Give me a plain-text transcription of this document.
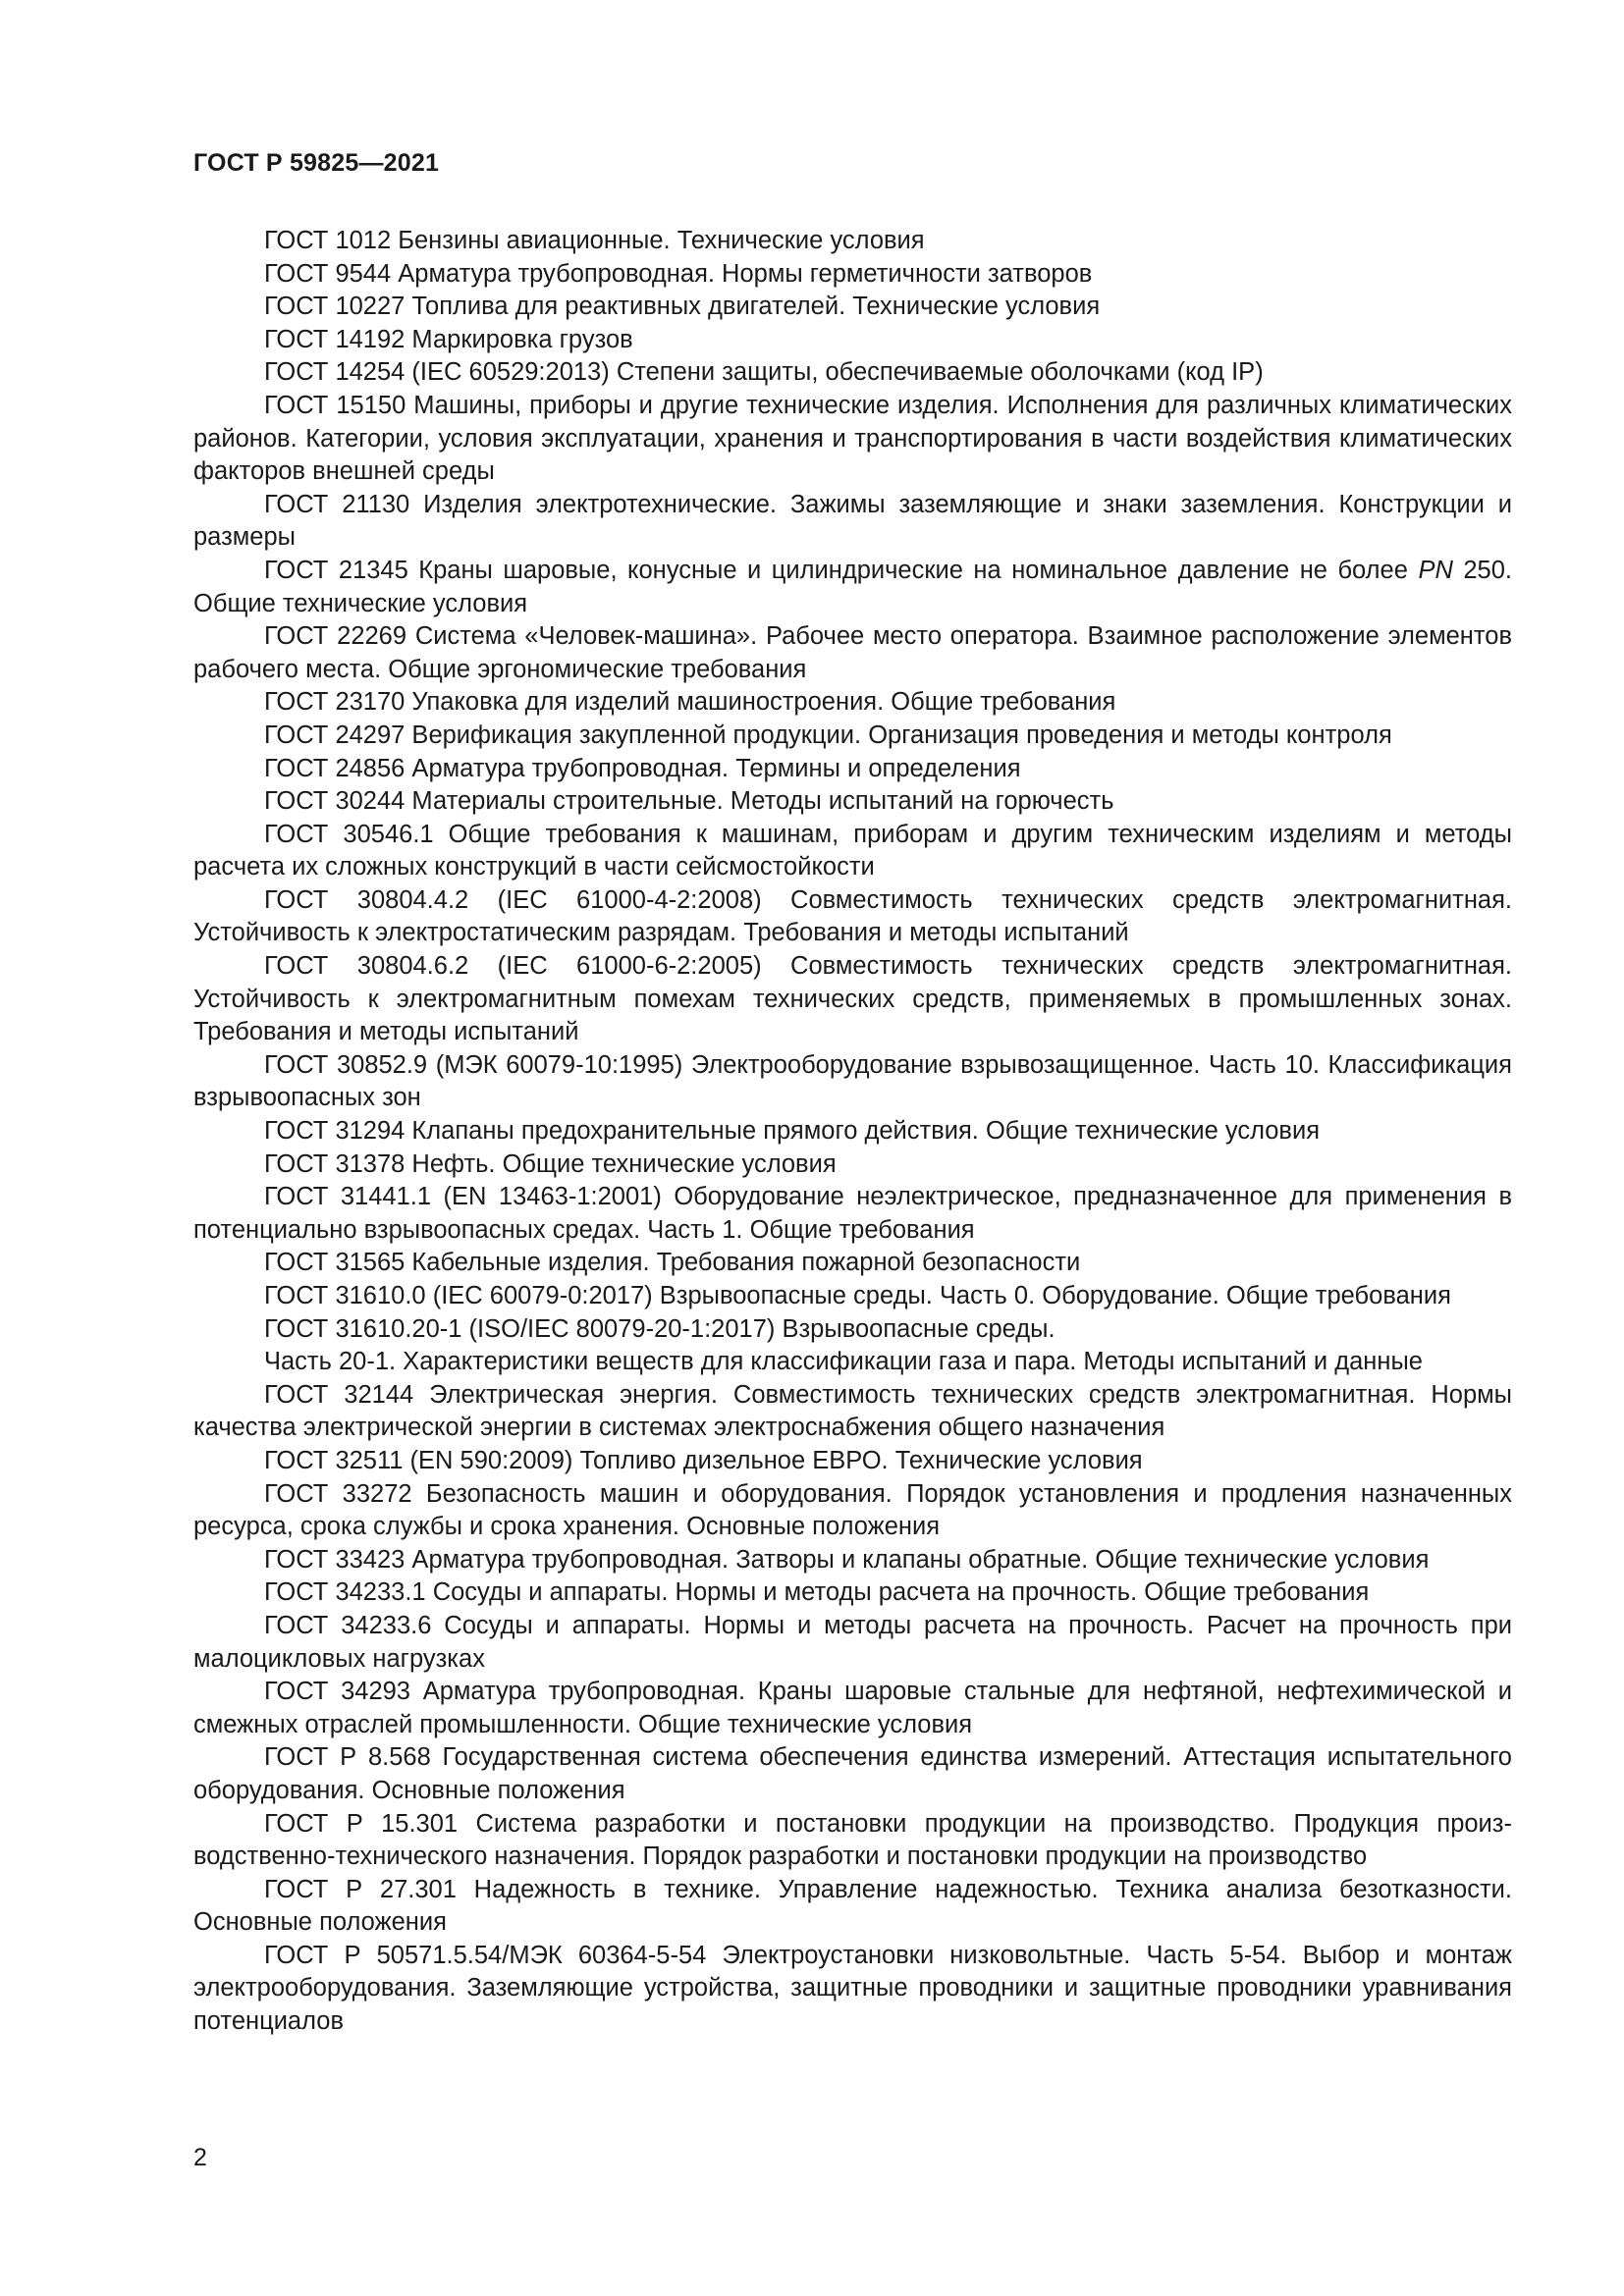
ГОСТ Р 59825—2021

ГОСТ 1012 Бензины авиационные. Технические условия

ГОСТ 9544 Арматура трубопроводная. Нормы герметичности затворов

ГОСТ 10227 Топлива для реактивных двигателей. Технические условия

ГОСТ 14192 Маркировка грузов

ГОСТ 14254 (IEC 60529:2013) Степени защиты, обеспечиваемые оболочками (код IP)

ГОСТ 15150 Машины, приборы и другие технические изделия. Исполнения для различных климатических районов. Категории, условия эксплуатации, хранения и транспортирования в части воздействия климатических факторов внешней среды

ГОСТ 21130 Изделия электротехнические. Зажимы заземляющие и знаки заземления. Конструкции и размеры

ГОСТ 21345 Краны шаровые, конусные и цилиндрические на номинальное давление не более PN 250. Общие технические условия

ГОСТ 22269 Система «Человек-машина». Рабочее место оператора. Взаимное расположение элементов рабочего места. Общие эргономические требования

ГОСТ 23170 Упаковка для изделий машиностроения. Общие требования

ГОСТ 24297 Верификация закупленной продукции. Организация проведения и методы контроля

ГОСТ 24856 Арматура трубопроводная. Термины и определения

ГОСТ 30244 Материалы строительные. Методы испытаний на горючесть

ГОСТ 30546.1 Общие требования к машинам, приборам и другим техническим изделиям и методы расчета их сложных конструкций в части сейсмостойкости

ГОСТ 30804.4.2 (IEC 61000-4-2:2008) Совместимость технических средств электромагнитная. Устойчивость к электростатическим разрядам. Требования и методы испытаний

ГОСТ 30804.6.2 (IEC 61000-6-2:2005) Совместимость технических средств электромагнитная. Устойчивость к электромагнитным помехам технических средств, применяемых в промышленных зонах. Требования и методы испытаний

ГОСТ 30852.9 (МЭК 60079-10:1995) Электрооборудование взрывозащищенное. Часть 10. Классификация взрывоопасных зон

ГОСТ 31294 Клапаны предохранительные прямого действия. Общие технические условия

ГОСТ 31378 Нефть. Общие технические условия

ГОСТ 31441.1 (EN 13463-1:2001) Оборудование неэлектрическое, предназначенное для применения в потенциально взрывоопасных средах. Часть 1. Общие требования

ГОСТ 31565 Кабельные изделия. Требования пожарной безопасности

ГОСТ 31610.0 (IEC 60079-0:2017) Взрывоопасные среды. Часть 0. Оборудование. Общие требования

ГОСТ 31610.20-1 (ISO/IEC 80079-20-1:2017) Взрывоопасные среды.

Часть 20-1. Характеристики веществ для классификации газа и пара. Методы испытаний и данные

ГОСТ 32144 Электрическая энергия. Совместимость технических средств электромагнитная. Нормы качества электрической энергии в системах электроснабжения общего назначения

ГОСТ 32511 (EN 590:2009) Топливо дизельное ЕВРО. Технические условия

ГОСТ 33272 Безопасность машин и оборудования. Порядок установления и продления назначенных ресурса, срока службы и срока хранения. Основные положения

ГОСТ 33423 Арматура трубопроводная. Затворы и клапаны обратные. Общие технические условия

ГОСТ 34233.1 Сосуды и аппараты. Нормы и методы расчета на прочность. Общие требования

ГОСТ 34233.6 Сосуды и аппараты. Нормы и методы расчета на прочность. Расчет на прочность при малоцикловых нагрузках

ГОСТ 34293 Арматура трубопроводная. Краны шаровые стальные для нефтяной, нефтехимической и смежных отраслей промышленности. Общие технические условия

ГОСТ Р 8.568 Государственная система обеспечения единства измерений. Аттестация испытательного оборудования. Основные положения

ГОСТ Р 15.301 Система разработки и постановки продукции на производство. Продукция производственно-технического назначения. Порядок разработки и постановки продукции на производство

ГОСТ Р 27.301 Надежность в технике. Управление надежностью. Техника анализа безотказности. Основные положения

ГОСТ Р 50571.5.54/МЭК 60364-5-54 Электроустановки низковольтные. Часть 5-54. Выбор и монтаж электрооборудования. Заземляющие устройства, защитные проводники и защитные проводники уравнивания потенциалов

2
